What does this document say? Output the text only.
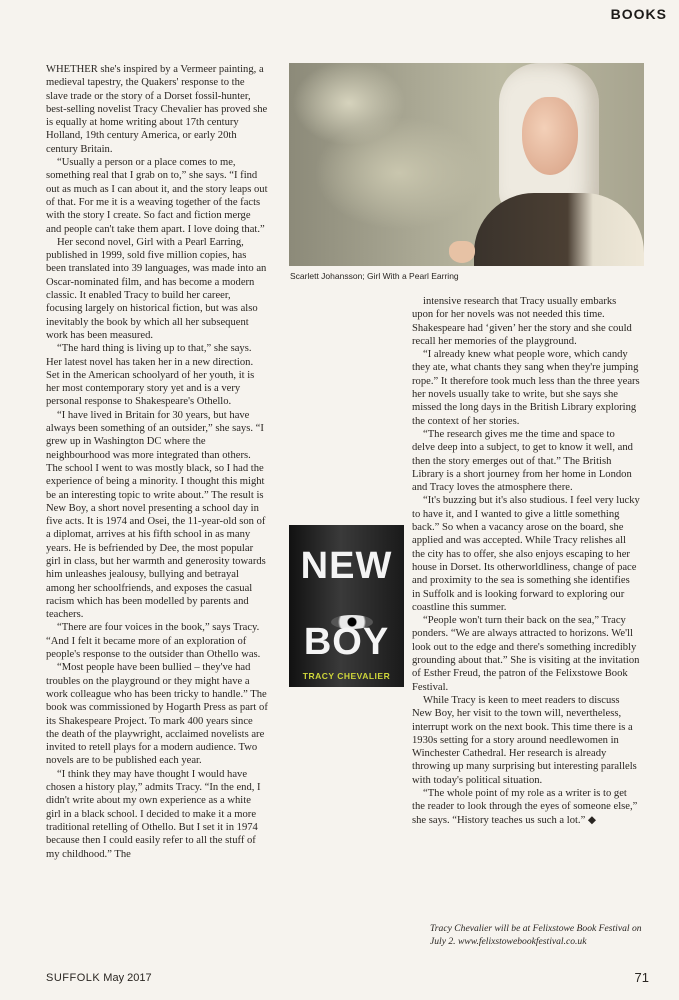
BOOKS

WHETHER she's inspired by a Vermeer painting, a medieval tapestry, the Quakers' response to the slave trade or the story of a Dorset fossil-hunter, best-selling novelist Tracy Chevalier has proved she is equally at home writing about 17th century Holland, 19th century America, or early 20th century Britain.

“Usually a person or a place comes to me, something real that I grab on to,” she says. “I find out as much as I can about it, and the story leaps out of that. For me it is a weaving together of the facts with the story I create. So fact and fiction merge and people can't take them apart. I love doing that.”

Her second novel, Girl with a Pearl Earring, published in 1999, sold five million copies, has been translated into 39 languages, was made into an Oscar-nominated film, and has become a modern classic. It enabled Tracy to build her career, focusing largely on historical fiction, but was also inevitably the book by which all her subsequent work has been measured.

“The hard thing is living up to that,” she says. Her latest novel has taken her in a new direction. Set in the American schoolyard of her youth, it is her most contemporary story yet and is a very personal response to Shakespeare's Othello.

“I have lived in Britain for 30 years, but have always been something of an outsider,” she says. “I grew up in Washington DC where the neighbourhood was more integrated than others. The school I went to was mostly black, so I had the experience of being a minority. I thought this might be an interesting topic to write about.” The result is New Boy, a short novel presenting a school day in five acts. It is 1974 and Osei, the 11-year-old son of a diplomat, arrives at his fifth school in as many years. He is befriended by Dee, the most popular girl in class, but her warmth and generosity towards him unleashes jealousy, bullying and betrayal among her schoolfriends, and exposes the casual racism which has been modelled by parents and teachers.

“There are four voices in the book,” says Tracy. “And I felt it became more of an exploration of people's response to the outsider than Othello was.

“Most people have been bullied – they've had troubles on the playground or they might have a work colleague who has been tricky to handle.” The book was commissioned by Hogarth Press as part of its Shakespeare Project. To mark 400 years since the death of the playwright, acclaimed novelists are invited to retell plays for a modern audience. Two novels are to be published each year.

“I think they may have thought I would have chosen a history play,” admits Tracy. “In the end, I didn't write about my own experience as a white girl in a black school. I decided to make it a more traditional retelling of Othello. But I set it in 1974 because then I could easily refer to all the stuff of my childhood.” The

Scarlett Johansson; Girl With a Pearl Earring
NEW
BOY
TRACY CHEVALIER

intensive research that Tracy usually embarks upon for her novels was not needed this time. Shakespeare had ‘given’ her the story and she could recall her memories of the playground.

“I already knew what people wore, which candy they ate, what chants they sang when they're jumping rope.” It therefore took much less than the three years her novels usually take to write, but she says she missed the long days in the British Library exploring the context of her stories.

“The research gives me the time and space to delve deep into a subject, to get to know it well, and then the story emerges out of that.” The British Library is a short journey from her home in London and Tracy loves the atmosphere there.

“It's buzzing but it's also studious. I feel very lucky to have it, and I wanted to give a little something back.” So when a vacancy arose on the board, she applied and was accepted. While Tracy relishes all the city has to offer, she also enjoys escaping to her house in Dorset. Its otherworldliness, change of pace and proximity to the sea is something she identifies in Suffolk and is looking forward to exploring our coastline this summer.

“People won't turn their back on the sea,” Tracy ponders. “We are always attracted to horizons. We'll look out to the edge and there's something incredibly grounding about that.” She is visiting at the invitation of Esther Freud, the patron of the Felixstowe Book Festival.

While Tracy is keen to meet readers to discuss New Boy, her visit to the town will, nevertheless, interrupt work on the next book. This time there is a 1930s setting for a story around needlewomen in Winchester Cathedral. Her research is already throwing up many surprising but interesting parallels with today's political situation.

“The whole point of my role as a writer is to get the reader to look through the eyes of someone else,” she says. “History teaches us such a lot.” ◆

Tracy Chevalier will be at Felixstowe Book Festival on July 2. www.felixstowebookfestival.co.uk
SUFFOLK May 2017	71
